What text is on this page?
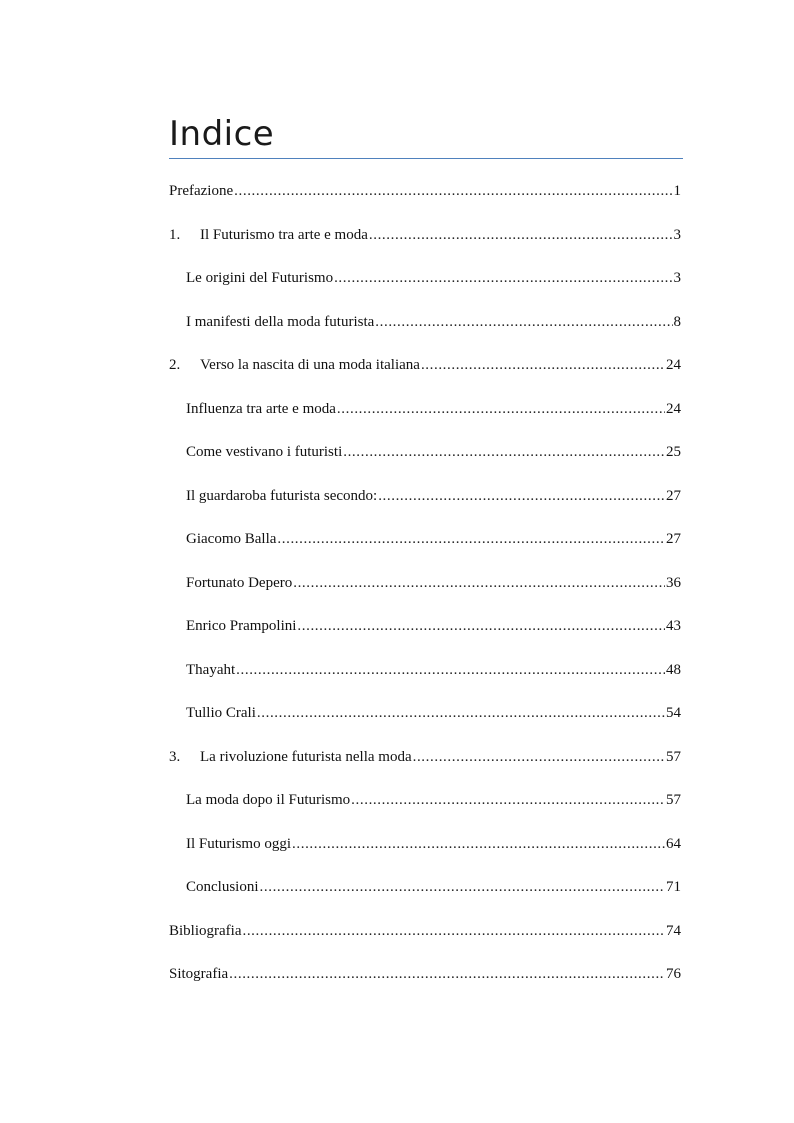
Indice
Prefazione .....	1
1.	Il Futurismo tra arte e moda .....	3
Le origini del Futurismo .....	3
I manifesti della moda futurista .....	8
2.	Verso la nascita di una moda italiana .....	24
Influenza tra arte e moda .....	24
Come vestivano i futuristi .....	25
Il guardaroba futurista secondo: .....	27
Giacomo Balla .....	27
Fortunato Depero .....	36
Enrico Prampolini .....	43
Thayaht .....	48
Tullio Crali .....	54
3.	La rivoluzione futurista nella moda .....	57
La moda dopo il Futurismo .....	57
Il Futurismo oggi .....	64
Conclusioni .....	71
Bibliografia .....	74
Sitografia .....	76
